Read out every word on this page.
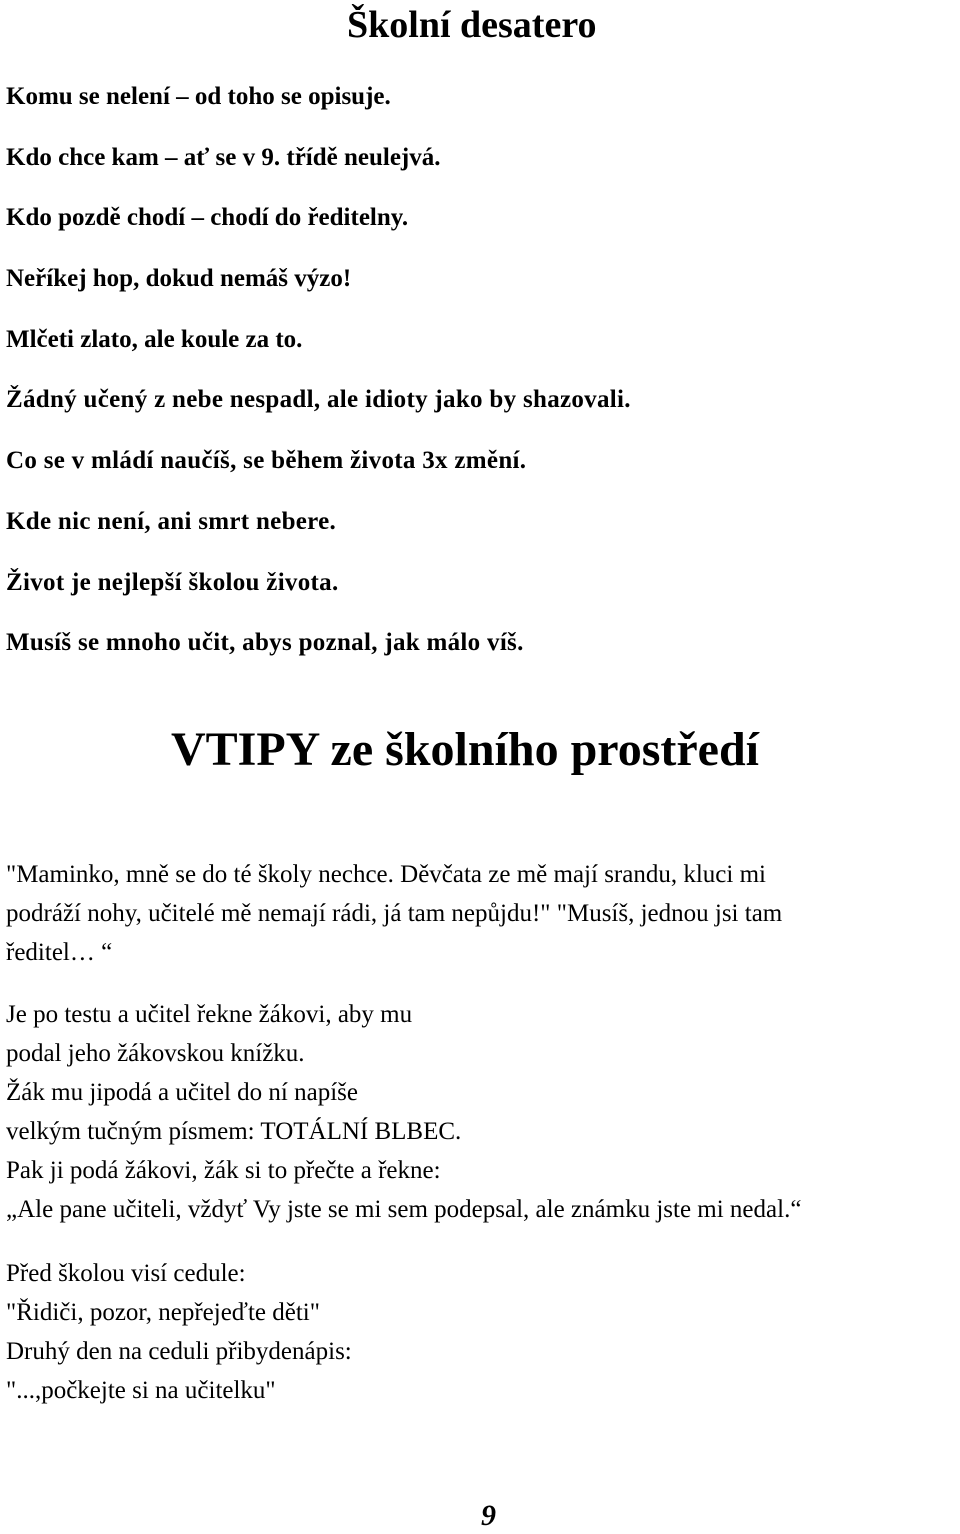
Školní desatero
Komu se nelení – od toho se opisuje.
Kdo chce kam – ať se v 9. třídě neulejvá.
Kdo pozdě chodí – chodí do ředitelny.
Neříkej hop, dokud nemáš výzo!
Mlčeti zlato, ale koule za to.
Žádný učený z nebe nespadl, ale idioty jako by shazovali.
Co se v mládí naučíš, se během života 3x změní.
Kde nic není, ani smrt nebere.
Život je nejlepší školou života.
Musíš se mnoho učit, abys poznal, jak málo víš.
VTIPY ze školního prostředí
"Maminko, mně se do té školy nechce. Děvčata ze mě mají srandu, kluci mi
podráží nohy, učitelé mě nemají rádi, já tam nepůjdu!" "Musíš, jednou jsi tam
ředitel… “
Je po testu a učitel řekne žákovi, aby mu
podal jeho žákovskou knížku.
Žák mu jipodá a učitel do ní napíše
velkým tučným písmem: TOTÁLNÍ BLBEC.
Pak ji podá žákovi, žák si to přečte a řekne:
„Ale pane učiteli, vždyť Vy jste se mi sem podepsal, ale známku jste mi nedal.“
Před školou visí cedule:
"Řidiči, pozor, nepřejeďte děti"
Druhý den na ceduli přibydenápis:
"...,počkejte si na učitelku"
9
